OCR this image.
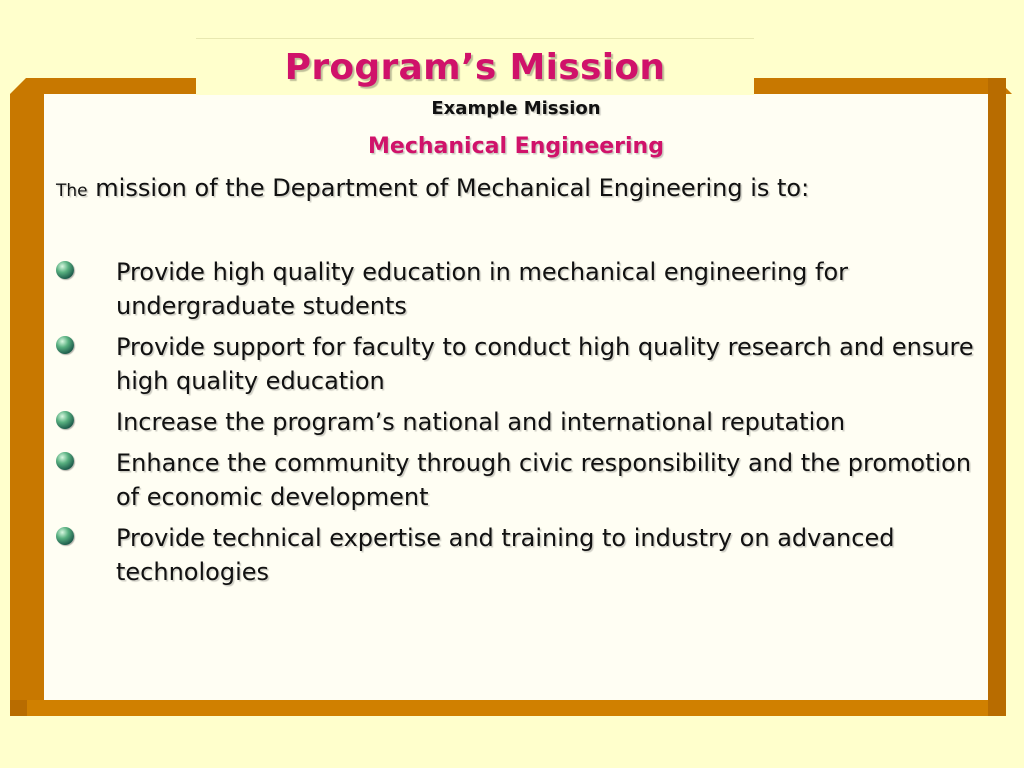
Program’s Mission
Example Mission
Mechanical Engineering
The mission of the Department of Mechanical Engineering is to:
Provide high quality education in mechanical engineering for undergraduate students
Provide support for faculty to conduct high quality research and ensure high quality education
Increase the program’s national and international reputation
Enhance the community through civic responsibility and the promotion of economic development
Provide technical expertise and training to industry on advanced technologies
